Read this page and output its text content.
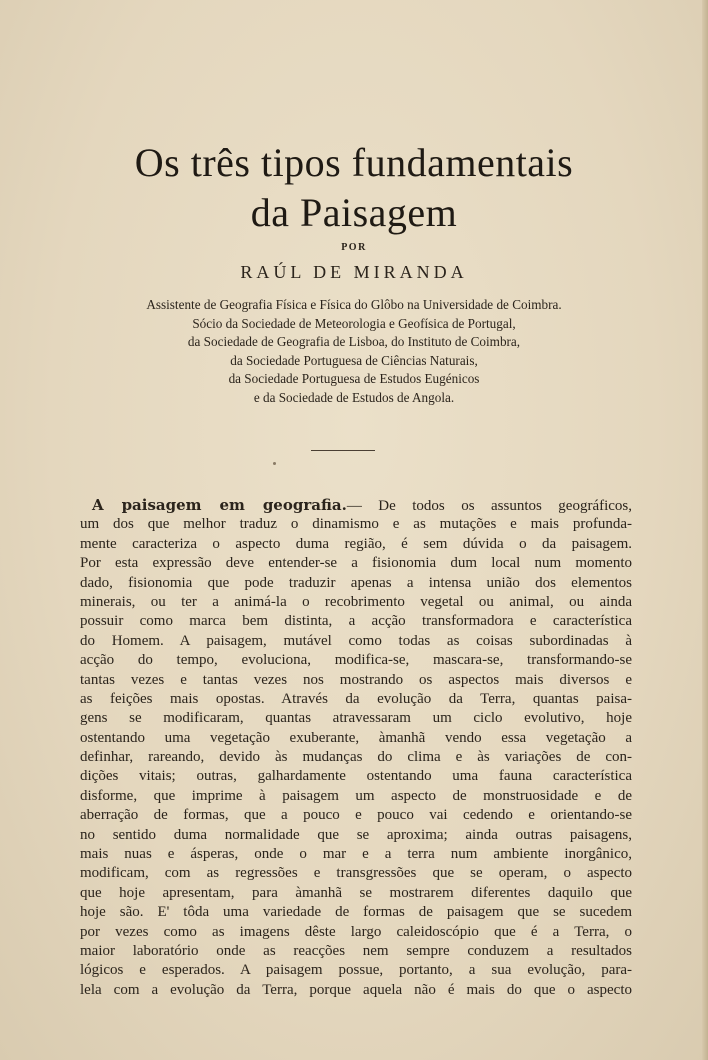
Os três tipos fundamentais
da Paisagem
POR
RAÚL DE MIRANDA
Assistente de Geografia Física e Física do Glôbo na Universidade de Coimbra.
Sócio da Sociedade de Meteorologia e Geofísica de Portugal,
da Sociedade de Geografia de Lisboa, do Instituto de Coimbra,
da Sociedade Portuguesa de Ciências Naturais,
da Sociedade Portuguesa de Estudos Eugénicos
e da Sociedade de Estudos de Angola.
A paisagem em geografia.— De todos os assuntos geográficos,
um dos que melhor traduz o dinamismo e as mutações e mais profunda-
mente caracteriza o aspecto duma região, é sem dúvida o da paisagem.
Por esta expressão deve entender-se a fisionomia dum local num momento
dado, fisionomia que pode traduzir apenas a intensa união dos elementos
minerais, ou ter a animá-la o recobrimento vegetal ou animal, ou ainda
possuir como marca bem distinta, a acção transformadora e característica
do Homem. A paisagem, mutável como todas as coisas subordinadas à
acção do tempo, evoluciona, modifica-se, mascara-se, transformando-se
tantas vezes e tantas vezes nos mostrando os aspectos mais diversos e
as feições mais opostas. Através da evolução da Terra, quantas paisa-
gens se modificaram, quantas atravessaram um ciclo evolutivo, hoje
ostentando uma vegetação exuberante, àmanhã vendo essa vegetação a
definhar, rareando, devido às mudanças do clima e às variações de con-
dições vitais; outras, galhardamente ostentando uma fauna característica
disforme, que imprime à paisagem um aspecto de monstruosidade e de
aberração de formas, que a pouco e pouco vai cedendo e orientando-se
no sentido duma normalidade que se aproxima; ainda outras paisagens,
mais nuas e ásperas, onde o mar e a terra num ambiente inorgânico,
modificam, com as regressões e transgressões que se operam, o aspecto
que hoje apresentam, para àmanhã se mostrarem diferentes daquilo que
hoje são. E' tôda uma variedade de formas de paisagem que se sucedem
por vezes como as imagens dêste largo caleidoscópio que é a Terra, o
maior laboratório onde as reacções nem sempre conduzem a resultados
lógicos e esperados. A paisagem possue, portanto, a sua evolução, para-
lela com a evolução da Terra, porque aquela não é mais do que o aspecto
